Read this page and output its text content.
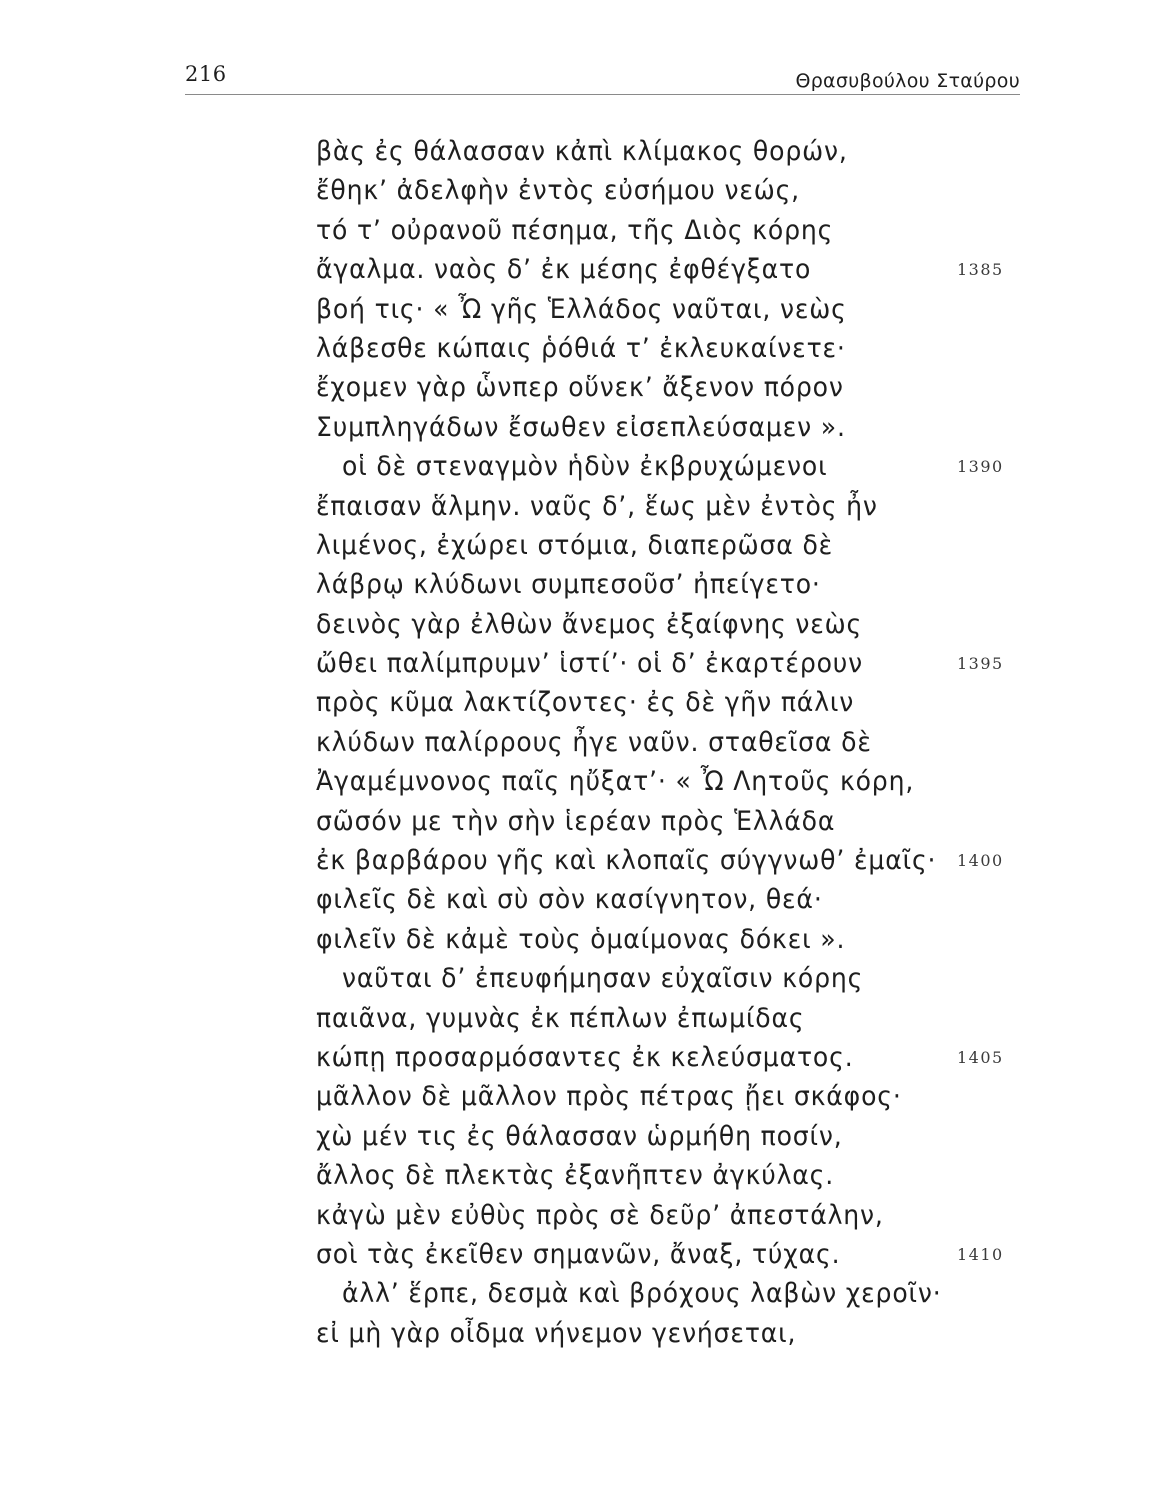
216	Θρασυβούλου Σταύρου
βὰς ἐς θάλασσαν κἀπὶ κλίμακος θορών,
ἔθηκ’ ἀδελφὴν ἐντὸς εὐσήμου νεώς,
τό τ’ οὐρανοῦ πέσημα, τῆς Διὸς κόρης
ἄγαλμα. ναὸς δ’ ἐκ μέσης ἐφθέγξατο	1385
βοή τις· « Ὦ γῆς Ἑλλάδος ναῦται, νεὼς
λάβεσθε κώπαις ῥόθιά τ’ ἐκλευκαίνετε·
ἔχομεν γὰρ ὧνπερ οὕνεκ’ ἄξενον πόρον
Συμπληγάδων ἔσωθεν εἰσεπλεύσαμεν ».
οἱ δὲ στεναγμὸν ἡδὺν ἐκβρυχώμενοι	1390
ἔπαισαν ἅλμην. ναῦς δ’, ἕως μὲν ἐντὸς ἦν
λιμένος, ἐχώρει στόμια, διαπερῶσα δὲ
λάβρῳ κλύδωνι συμπεσοῦσ’ ἠπείγετο·
δεινὸς γὰρ ἐλθὼν ἄνεμος ἐξαίφνης νεὼς
ὤθει παλίμπρυμν’ ἱστί’· οἱ δ’ ἐκαρτέρουν	1395
πρὸς κῦμα λακτίζοντες· ἐς δὲ γῆν πάλιν
κλύδων παλίρρους ἦγε ναῦν. σταθεῖσα δὲ
Ἀγαμέμνονος παῖς ηὔξατ’· « Ὦ Λητοῦς κόρη,
σῶσόν με τὴν σὴν ἱερέαν πρὸς Ἑλλάδα
ἐκ βαρβάρου γῆς καὶ κλοπαῖς σύγγνωθ’ ἐμαῖς· 1400
φιλεῖς δὲ καὶ σὺ σὸν κασίγνητον, θεά·
φιλεῖν δὲ κἀμὲ τοὺς ὁμαίμονας δόκει ».
ναῦται δ’ ἐπευφήμησαν εὐχαῖσιν κόρης
παιᾶνα, γυμνὰς ἐκ πέπλων ἐπωμίδας
κώπῃ προσαρμόσαντες ἐκ κελεύσματος.	1405
μᾶλλον δὲ μᾶλλον πρὸς πέτρας ᾔει σκάφος·
χὼ μέν τις ἐς θάλασσαν ὡρμήθη ποσίν,
ἄλλος δὲ πλεκτὰς ἐξανῆπτεν ἀγκύλας.
κἀγὼ μὲν εὐθὺς πρὸς σὲ δεῦρ’ ἀπεστάλην,
σοὶ τὰς ἐκεῖθεν σημανῶν, ἄναξ, τύχας.	1410
ἀλλ’ ἕρπε, δεσμὰ καὶ βρόχους λαβὼν χεροῖν·
εἰ μὴ γὰρ οἶδμα νήνεμον γενήσεται,
